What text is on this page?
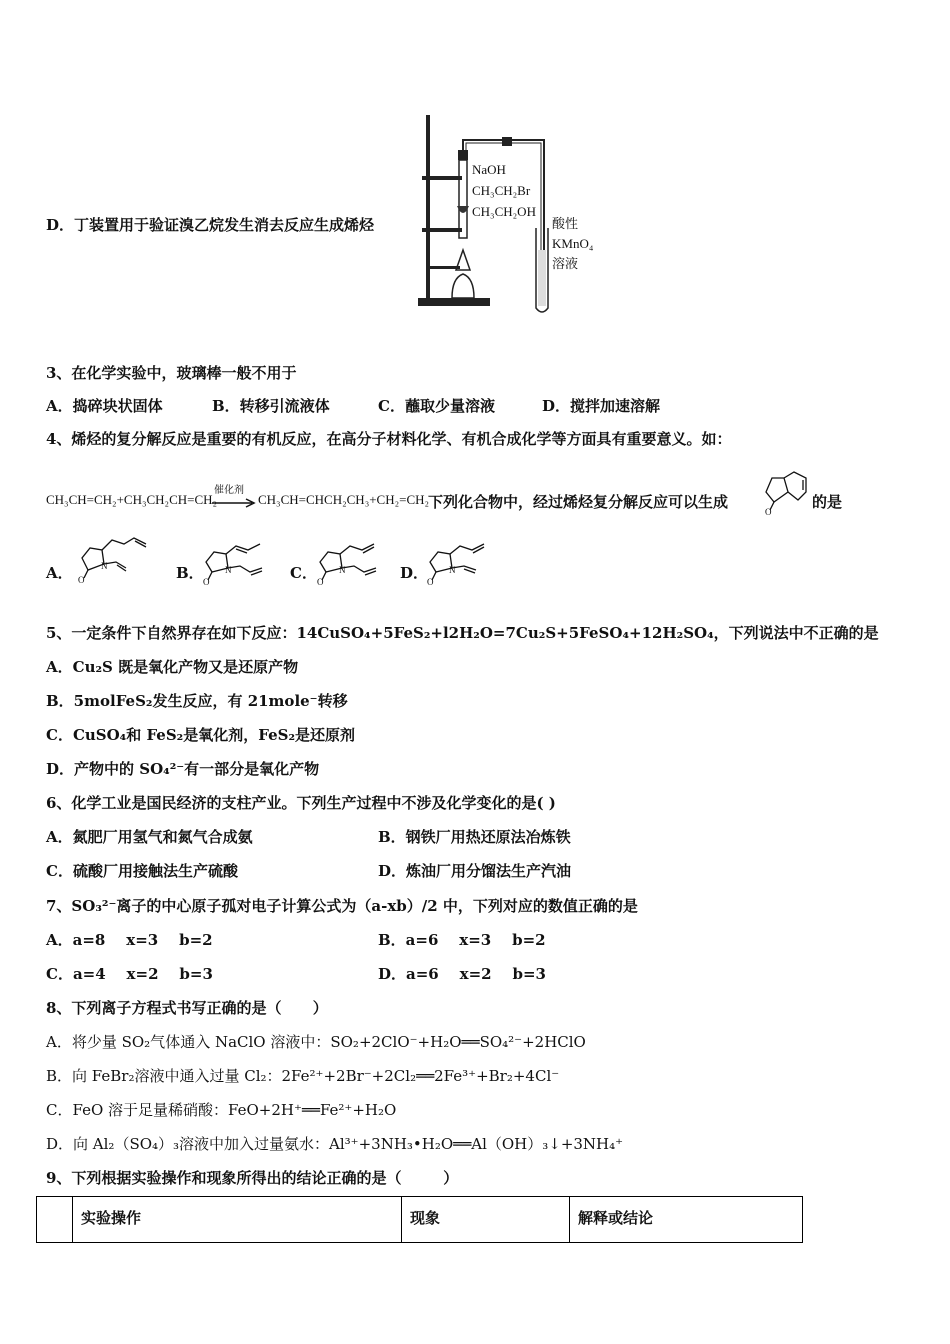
D．丁装置用于验证溴乙烷发生消去反应生成烯烃
NaOH
CH₃CH₂Br
CH₃CH₂OH
酸性
KMnO₄
溶液
3、在化学实验中，玻璃棒一般不用于
A．捣碎块状固体	B．转移引流液体	C．蘸取少量溶液	D．搅拌加速溶解
4、烯烃的复分解反应是重要的有机反应，在高分子材料化学、有机合成化学等方面具有重要意义。如：
CH₃CH=CH₂+CH₃CH₂CH=CH₂
催化剂
→ CH₃CH=CHCH₂CH₃+CH₂=CH₂
下列化合物中，经过烯烃复分解反应可以生成
O
的是
A． O
N	B． O
N	C． O
N	D．
O
N
5、一定条件下自然界存在如下反应：14CuSO₄+5FeS₂+l2H₂O=7Cu₂S+5FeSO₄+12H₂SO₄，下列说法中不正确的是
A．Cu₂S 既是氧化产物又是还原产物
B．5molFeS₂发生反应，有 21mole⁻转移
C．CuSO₄和 FeS₂是氧化剂，FeS₂是还原剂
D．产物中的 SO₄²⁻有一部分是氧化产物
6、化学工业是国民经济的支柱产业。下列生产过程中不涉及化学变化的是( )
A．氮肥厂用氢气和氮气合成氨	B．钢铁厂用热还原法冶炼铁
C．硫酸厂用接触法生产硫酸	D．炼油厂用分馏法生产汽油
7、SO₃²⁻离子的中心原子孤对电子计算公式为（a-xb）/2 中，下列对应的数值正确的是
A．a=8    x=3    b=2	B．a=6    x=3    b=2
C．a=4    x=2    b=3	D．a=6    x=2    b=3
8、下列离子方程式书写正确的是（      ）
A．将少量 SO₂气体通入 NaClO 溶液中：SO₂+2ClO⁻+H₂O══SO₄²⁻+2HClO
B．向 FeBr₂溶液中通入过量 Cl₂：2Fe²⁺+2Br⁻+2Cl₂══2Fe³⁺+Br₂+4Cl⁻
C．FeO 溶于足量稀硝酸：FeO+2H⁺══Fe²⁺+H₂O
D．向 Al₂（SO₄）₃溶液中加入过量氨水：Al³⁺+3NH₃•H₂O══Al（OH）₃↓+3NH₄⁺
9、下列根据实验操作和现象所得出的结论正确的是（        ）
	实验操作	现象	解释或结论
